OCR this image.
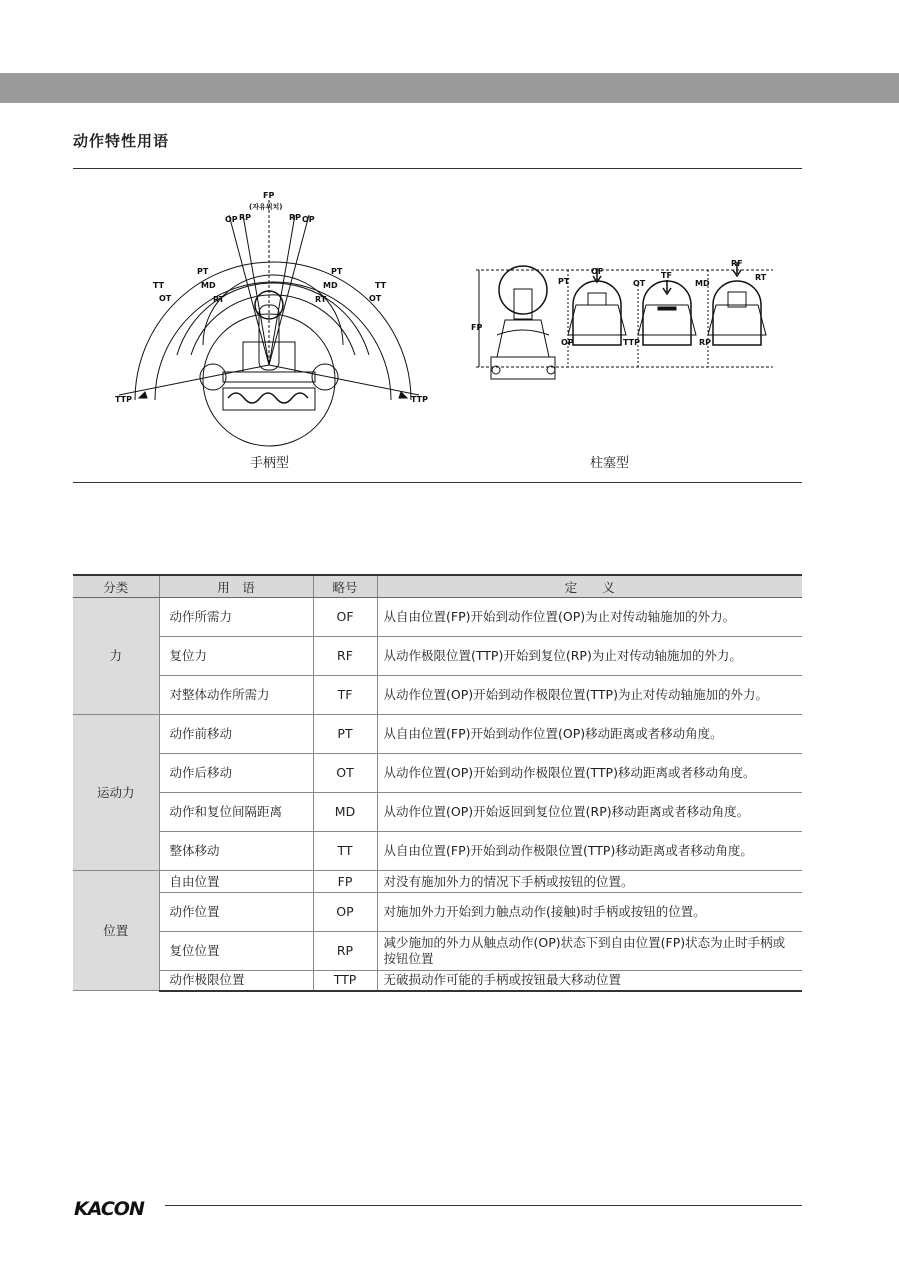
动作特性用语
FP
(자유위치)
OP RP	RP OP
PT
MD
RT
PT
MD
RT
TT
OT
TT
OT
TTP	TTP
OF	TF
RF
RT
PT	OT	MD
FP
OP	TTP	RP
手柄型	柱塞型
分类	用　语	略号	定　　义
力	动作所需力	OF	从自由位置(FP)开始到动作位置(OP)为止对传动轴施加的外力。
	复位力	RF	从动作极限位置(TTP)开始到复位(RP)为止对传动轴施加的外力。
	对整体动作所需力	TF	从动作位置(OP)开始到动作极限位置(TTP)为止对传动轴施加的外力。
运动力	动作前移动	PT	从自由位置(FP)开始到动作位置(OP)移动距离或者移动角度。
	动作后移动	OT	从动作位置(OP)开始到动作极限位置(TTP)移动距离或者移动角度。
	动作和复位间隔距离	MD	从动作位置(OP)开始返回到复位位置(RP)移动距离或者移动角度。
	整体移动	TT	从自由位置(FP)开始到动作极限位置(TTP)移动距离或者移动角度。
位置	自由位置	FP	对没有施加外力的情况下手柄或按钮的位置。
	动作位置	OP	对施加外力开始到力触点动作(接触)时手柄或按钮的位置。
	复位位置	RP	减少施加的外力从触点动作(OP)状态下到自由位置(FP)状态为止时手柄或按钮位置
	动作极限位置	TTP	无破损动作可能的手柄或按钮最大移动位置
KACON
